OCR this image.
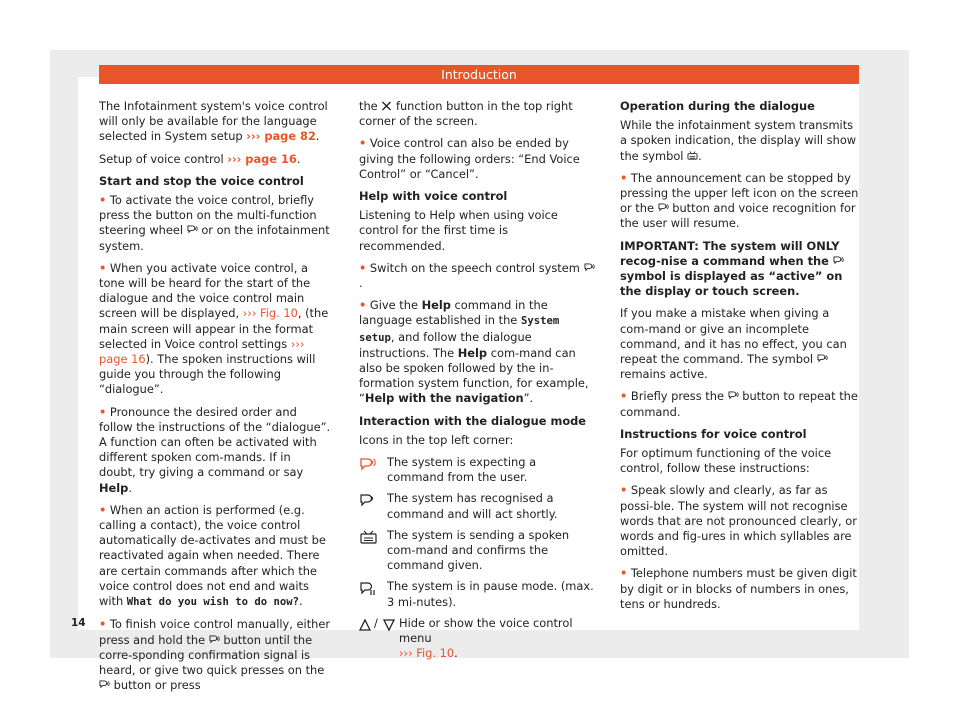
Introduction

The Infotainment system's voice control will only be available for the language selected in System setup ››› page 82.

Setup of voice control ››› page 16.

Start and stop the voice control

• To activate the voice control, briefly press the button on the multi-function steering wheel or on the infotainment system.

• When you activate voice control, a tone will be heard for the start of the dialogue and the voice control main screen will be displayed, ››› Fig. 10, (the main screen will appear in the format selected in Voice control settings ››› page 16). The spoken instructions will guide you through the following “dialogue”.

• Pronounce the desired order and follow the instructions of the “dialogue”. A function can often be activated with different spoken com-mands. If in doubt, try giving a command or say Help.

• When an action is performed (e.g. calling a contact), the voice control automatically de-activates and must be reactivated again when needed. There are certain commands after which the voice control does not end and waits with What do you wish to do now?.

• To finish voice control manually, either press and hold the button until the corre-sponding confirmation signal is heard, or give two quick presses on the
button or press

the function button in the top right corner of the screen.

• Voice control can also be ended by giving the following orders: “End Voice Control” or “Cancel”.

Help with voice control

Listening to Help when using voice control for the first time is recommended.

• Switch on the speech control system
.

• Give the Help command in the language established in the System setup, and follow the dialogue instructions. The Help com-mand can also be spoken followed by the in-formation system function, for example, “Help with the navigation”.

Interaction with the dialogue mode

Icons in the top left corner:

The system is expecting a command from the user.
The system has recognised a command and will act shortly.
The system is sending a spoken com-mand and confirms the command given.
The system is in pause mode. (max. 3 mi-nutes).
/ Hide or show the voice control menu
››› Fig. 10.

Operation during the dialogue

While the infotainment system transmits a spoken indication, the display will show the symbol .

• The announcement can be stopped by pressing the upper left icon on the screen or the button and voice recognition for the user will resume.

IMPORTANT: The system will ONLY recog-nise a command when the
symbol is displayed as “active” on the display or touch screen.

If you make a mistake when giving a com-mand or give an incomplete command, and it has no effect, you can repeat the command. The symbol
remains active.

• Briefly press the button to repeat the command.

Instructions for voice control

For optimum functioning of the voice control, follow these instructions:

• Speak slowly and clearly, as far as possi-ble. The system will not recognise words that are not pronounced clearly, or words and fig-ures in which syllables are omitted.

• Telephone numbers must be given digit by digit or in blocks of numbers in ones, tens or hundreds.

14
